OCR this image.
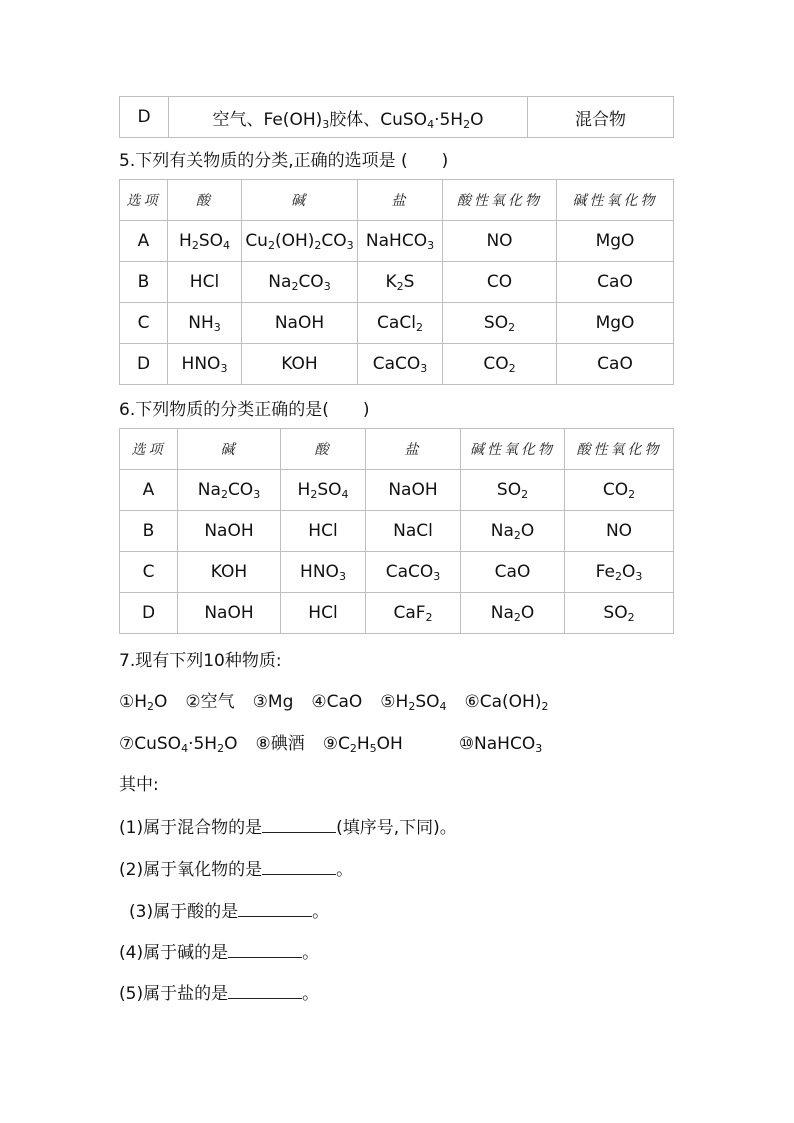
D	空气、$Fe(OH)_3$胶体、$CuSO_4\cdot 5H_2O$	混合物
5.下列有关物质的分类,正确的选项是 (　　)
选项	酸	碱	盐	酸性氧化物	碱性氧化物
A	$H_2SO_4$	$Cu_2(OH)_2CO_3$	NaHCO$_3$	NO	MgO
B	HCl	$Na_2CO_3$	$K_2S$	CO	CaO
C	$NH_3$	NaOH	CaCl$_2$	$SO_2$	MgO
D	$HNO_3$	KOH	CaCO$_3$	$CO_2$	CaO
6.下列物质的分类正确的是(　　)
选项	碱	酸	盐	碱性氧化物	酸性氧化物
A	$Na_2CO_3$	$H_2SO_4$	NaOH	$SO_2$	$CO_2$
B	NaOH	HCl	NaCl	$Na_2O$	NO
C	KOH	$HNO_3$	CaCO$_3$	CaO	$Fe_2O_3$
D	NaOH	HCl	CaF$_2$	$Na_2O$	$SO_2$
7.现有下列10种物质:
$①H_2O$ ②空气 ③Mg ④CaO $⑤H_2SO_4$ $⑥Ca(OH)_2$
$⑦CuSO_4\cdot 5H_2O$ ⑧碘酒 $⑨C_2H_5OH$	⑩NaHCO$_3$
其中:
(1)属于混合物的是	(填序号,下同)。
(2)属于氧化物的是	。
(3)属于酸的是	。
(4)属于碱的是	。
(5)属于盐的是	。
